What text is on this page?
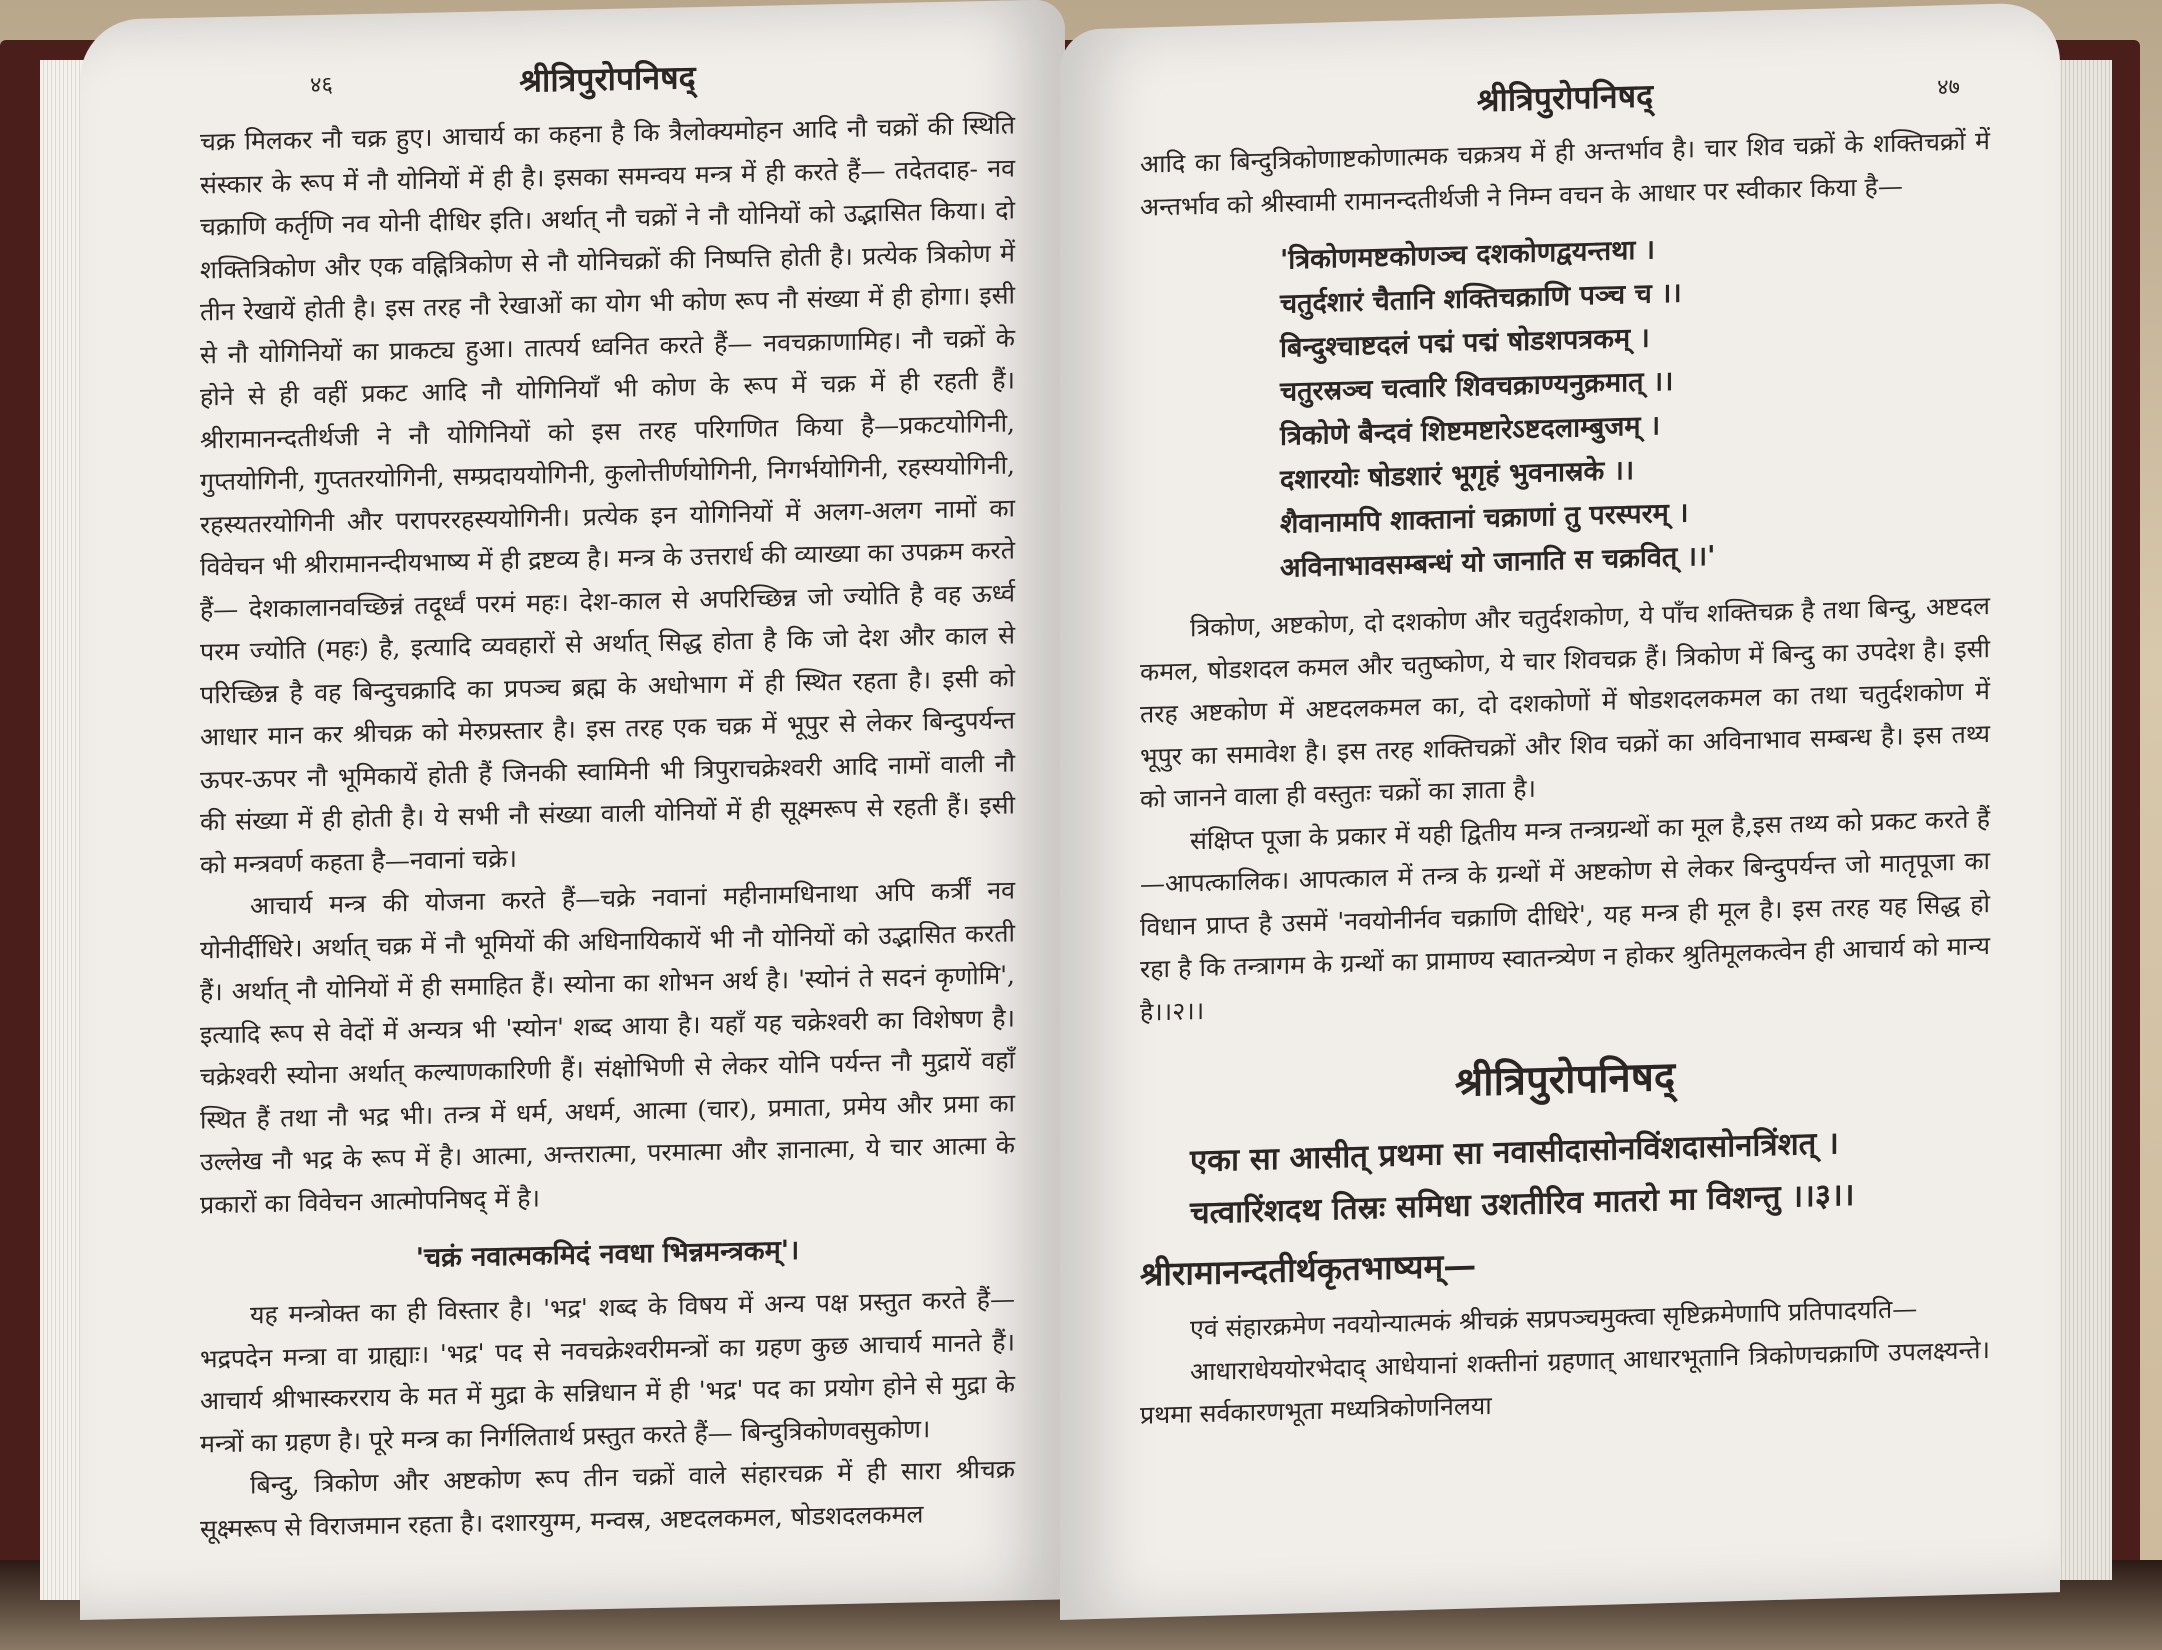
४६	श्रीत्रिपुरोपनिषद्

चक्र मिलकर नौ चक्र हुए। आचार्य का कहना है कि त्रैलोक्यमोहन आदि नौ चक्रों की स्थिति संस्कार के रूप में नौ योनियों में ही है। इसका समन्वय मन्त्र में ही करते हैं— तदेतदाह- नव चक्राणि कर्तृणि नव योनी दीधिर इति। अर्थात् नौ चक्रों ने नौ योनियों को उद्भासित किया। दो शक्तित्रिकोण और एक वह्नित्रिकोण से नौ योनिचक्रों की निष्पत्ति होती है। प्रत्येक त्रिकोण में तीन रेखायें होती है। इस तरह नौ रेखाओं का योग भी कोण रूप नौ संख्या में ही होगा। इसी से नौ योगिनियों का प्राकट्य हुआ। तात्पर्य ध्वनित करते हैं— नवचक्राणामिह। नौ चक्रों के होने से ही वहीं प्रकट आदि नौ योगिनियाँ भी कोण के रूप में चक्र में ही रहती हैं। श्रीरामानन्दतीर्थजी ने नौ योगिनियों को इस तरह परिगणित किया है—प्रकटयोगिनी, गुप्तयोगिनी, गुप्ततरयोगिनी, सम्प्रदाययोगिनी, कुलोत्तीर्णयोगिनी, निगर्भयोगिनी, रहस्ययोगिनी, रहस्यतरयोगिनी और परापररहस्ययोगिनी। प्रत्येक इन योगिनियों में अलग-अलग नामों का विवेचन भी श्रीरामानन्दीयभाष्य में ही द्रष्टव्य है। मन्त्र के उत्तरार्ध की व्याख्या का उपक्रम करते हैं— देशकालानवच्छिन्नं तदूर्ध्वं परमं महः। देश-काल से अपरिच्छिन्न जो ज्योति है वह ऊर्ध्व परम ज्योति (महः) है, इत्यादि व्यवहारों से अर्थात् सिद्ध होता है कि जो देश और काल से परिच्छिन्न है वह बिन्दुचक्रादि का प्रपञ्च ब्रह्म के अधोभाग में ही स्थित रहता है। इसी को आधार मान कर श्रीचक्र को मेरुप्रस्तार है। इस तरह एक चक्र में भूपुर से लेकर बिन्दुपर्यन्त ऊपर-ऊपर नौ भूमिकायें होती हैं जिनकी स्वामिनी भी त्रिपुराचक्रेश्वरी आदि नामों वाली नौ की संख्या में ही होती है। ये सभी नौ संख्या वाली योनियों में ही सूक्ष्मरूप से रहती हैं। इसी को मन्त्रवर्ण कहता है—नवानां चक्रे।

आचार्य मन्त्र की योजना करते हैं—चक्रे नवानां महीनामधिनाथा अपि कर्त्रीं नव योनीर्दीधिरे। अर्थात् चक्र में नौ भूमियों की अधिनायिकायें भी नौ योनियों को उद्भासित करती हैं। अर्थात् नौ योनियों में ही समाहित हैं। स्योना का शोभन अर्थ है। 'स्योनं ते सदनं कृणोमि', इत्यादि रूप से वेदों में अन्यत्र भी 'स्योन' शब्द आया है। यहाँ यह चक्रेश्वरी का विशेषण है। चक्रेश्वरी स्योना अर्थात् कल्याणकारिणी हैं। संक्षोभिणी से लेकर योनि पर्यन्त नौ मुद्रायें वहाँ स्थित हैं तथा नौ भद्र भी। तन्त्र में धर्म, अधर्म, आत्मा (चार), प्रमाता, प्रमेय और प्रमा का उल्लेख नौ भद्र के रूप में है। आत्मा, अन्तरात्मा, परमात्मा और ज्ञानात्मा, ये चार आत्मा के प्रकारों का विवेचन आत्मोपनिषद् में है।

'चक्रं नवात्मकमिदं नवधा भिन्नमन्त्रकम्'।

यह मन्त्रोक्त का ही विस्तार है। 'भद्र' शब्द के विषय में अन्य पक्ष प्रस्तुत करते हैं—भद्रपदेन मन्त्रा वा ग्राह्याः। 'भद्र' पद से नवचक्रेश्वरीमन्त्रों का ग्रहण कुछ आचार्य मानते हैं। आचार्य श्रीभास्करराय के मत में मुद्रा के सन्निधान में ही 'भद्र' पद का प्रयोग होने से मुद्रा के मन्त्रों का ग्रहण है। पूरे मन्त्र का निर्गलितार्थ प्रस्तुत करते हैं— बिन्दुत्रिकोणवसुकोण।

बिन्दु, त्रिकोण और अष्टकोण रूप तीन चक्रों वाले संहारचक्र में ही सारा श्रीचक्र सूक्ष्मरूप से विराजमान रहता है। दशारयुग्म, मन्वस्र, अष्टदलकमल, षोडशदलकमल

श्रीत्रिपुरोपनिषद्	४७

आदि का बिन्दुत्रिकोणाष्टकोणात्मक चक्रत्रय में ही अन्तर्भाव है। चार शिव चक्रों के शक्तिचक्रों में अन्तर्भाव को श्रीस्वामी रामानन्दतीर्थजी ने निम्न वचन के आधार पर स्वीकार किया है—

'त्रिकोणमष्टकोणञ्च दशकोणद्वयन्तथा ।
चतुर्दशारं चैतानि शक्तिचक्राणि पञ्च च ।।
बिन्दुश्चाष्टदलं पद्मं पद्मं षोडशपत्रकम् ।
चतुरस्रञ्च चत्वारि शिवचक्राण्यनुक्रमात् ।।
त्रिकोणे बैन्दवं शिष्टमष्टारेऽष्टदलाम्बुजम् ।
दशारयोः षोडशारं भूगृहं भुवनास्रके ।।
शैवानामपि शाक्तानां चक्राणां तु परस्परम् ।
अविनाभावसम्बन्धं यो जानाति स चक्रवित् ।।'

त्रिकोण, अष्टकोण, दो दशकोण और चतुर्दशकोण, ये पाँच शक्तिचक्र है तथा बिन्दु, अष्टदल कमल, षोडशदल कमल और चतुष्कोण, ये चार शिवचक्र हैं। त्रिकोण में बिन्दु का उपदेश है। इसी तरह अष्टकोण में अष्टदलकमल का, दो दशकोणों में षोडशदलकमल का तथा चतुर्दशकोण में भूपुर का समावेश है। इस तरह शक्तिचक्रों और शिव चक्रों का अविनाभाव सम्बन्ध है। इस तथ्य को जानने वाला ही वस्तुतः चक्रों का ज्ञाता है।

संक्षिप्त पूजा के प्रकार में यही द्वितीय मन्त्र तन्त्रग्रन्थों का मूल है,इस तथ्य को प्रकट करते हैं—आपत्कालिक। आपत्काल में तन्त्र के ग्रन्थों में अष्टकोण से लेकर बिन्दुपर्यन्त जो मातृपूजा का विधान प्राप्त है उसमें 'नवयोनीर्नव चक्राणि दीधिरे', यह मन्त्र ही मूल है। इस तरह यह सिद्ध हो रहा है कि तन्त्रागम के ग्रन्थों का प्रामाण्य स्वातन्त्र्येण न होकर श्रुतिमूलकत्वेन ही आचार्य को मान्य है।।२।।

श्रीत्रिपुरोपनिषद्
एका सा आसीत् प्रथमा सा नवासीदासोनविंशदासोनत्रिंशत् ।
चत्वारिंशदथ तिस्रः समिधा उशतीरिव मातरो मा विशन्तु ।।३।।
श्रीरामानन्दतीर्थकृतभाष्यम्—

एवं संहारक्रमेण नवयोन्यात्मकं श्रीचक्रं सप्रपञ्चमुक्त्वा सृष्टिक्रमेणापि प्रतिपादयति—

आधाराधेययोरभेदाद् आधेयानां शक्तीनां ग्रहणात् आधारभूतानि त्रिकोणचक्राणि उपलक्ष्यन्ते। प्रथमा सर्वकारणभूता मध्यत्रिकोणनिलया
